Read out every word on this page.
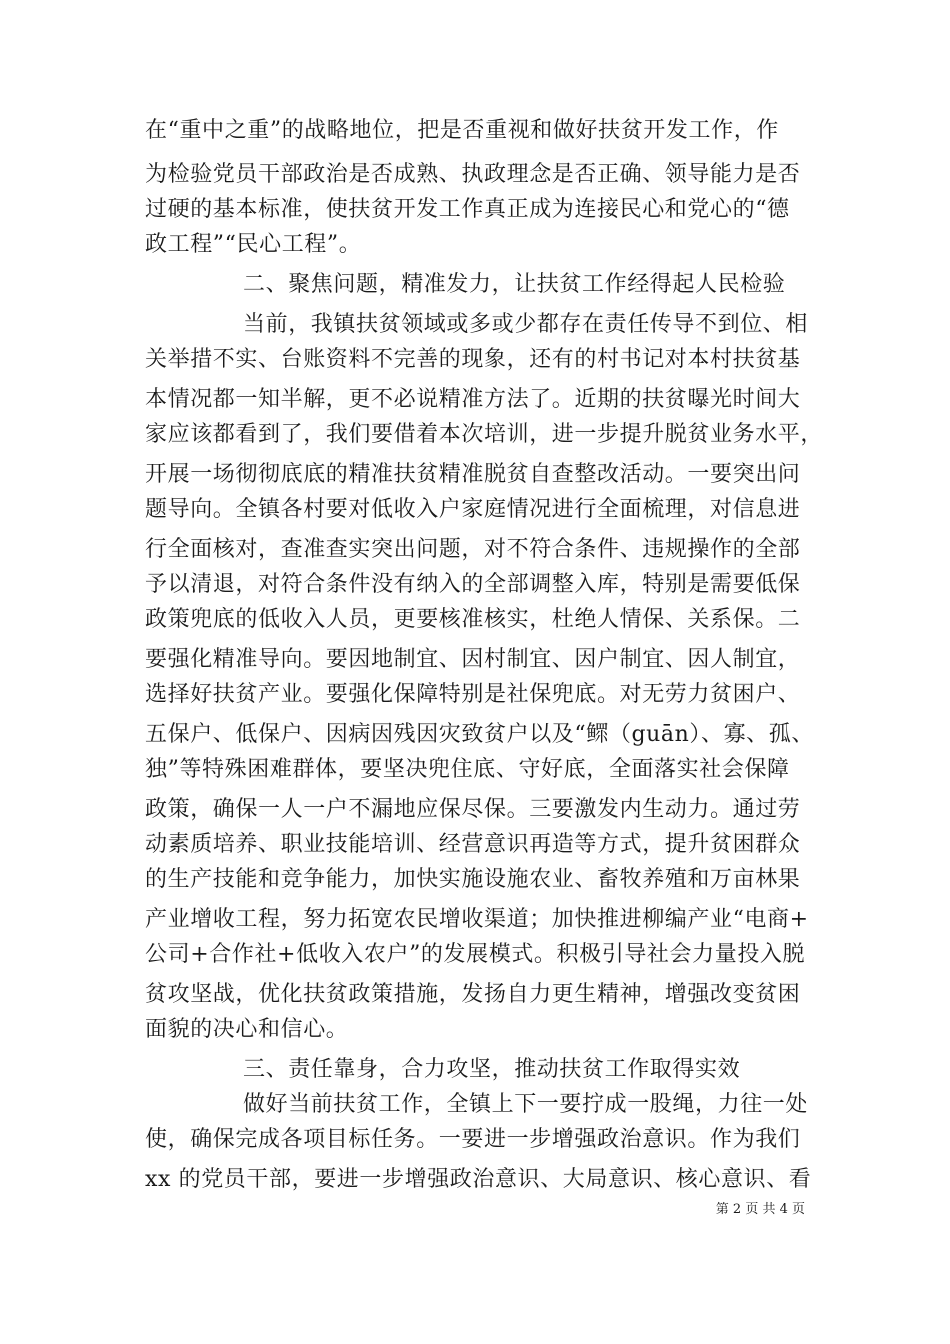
在“重中之重”的战略地位，把是否重视和做好扶贫开发工作，作
为检验党员干部政治是否成熟、执政理念是否正确、领导能力是否
过硬的基本标准，使扶贫开发工作真正成为连接民心和党心的“德
政工程”“民心工程”。
二、聚焦问题，精准发力，让扶贫工作经得起人民检验
当前，我镇扶贫领域或多或少都存在责任传导不到位、相
关举措不实、台账资料不完善的现象，还有的村书记对本村扶贫基
本情况都一知半解，更不必说精准方法了。近期的扶贫曝光时间大
家应该都看到了，我们要借着本次培训，进一步提升脱贫业务水平，
开展一场彻彻底底的精准扶贫精准脱贫自查整改活动。一要突出问
题导向。全镇各村要对低收入户家庭情况进行全面梳理，对信息进
行全面核对，查准查实突出问题，对不符合条件、违规操作的全部
予以清退，对符合条件没有纳入的全部调整入库，特别是需要低保
政策兜底的低收入人员，更要核准核实，杜绝人情保、关系保。二
要强化精准导向。要因地制宜、因村制宜、因户制宜、因人制宜，
选择好扶贫产业。要强化保障特别是社保兜底。对无劳力贫困户、
五保户、低保户、因病因残因灾致贫户以及“鳏（guān）、寡、孤、
独”等特殊困难群体，要坚决兜住底、守好底，全面落实社会保障
政策，确保一人一户不漏地应保尽保。三要激发内生动力。通过劳
动素质培养、职业技能培训、经营意识再造等方式，提升贫困群众
的生产技能和竞争能力，加快实施设施农业、畜牧养殖和万亩林果
产业增收工程，努力拓宽农民增收渠道；加快推进柳编产业“电商+
公司+合作社+低收入农户”的发展模式。积极引导社会力量投入脱
贫攻坚战，优化扶贫政策措施，发扬自力更生精神，增强改变贫困
面貌的决心和信心。
三、责任靠身，合力攻坚，推动扶贫工作取得实效
做好当前扶贫工作，全镇上下一要拧成一股绳，力往一处
使，确保完成各项目标任务。一要进一步增强政治意识。作为我们
xx 的党员干部，要进一步增强政治意识、大局意识、核心意识、看
第 2 页 共 4 页
